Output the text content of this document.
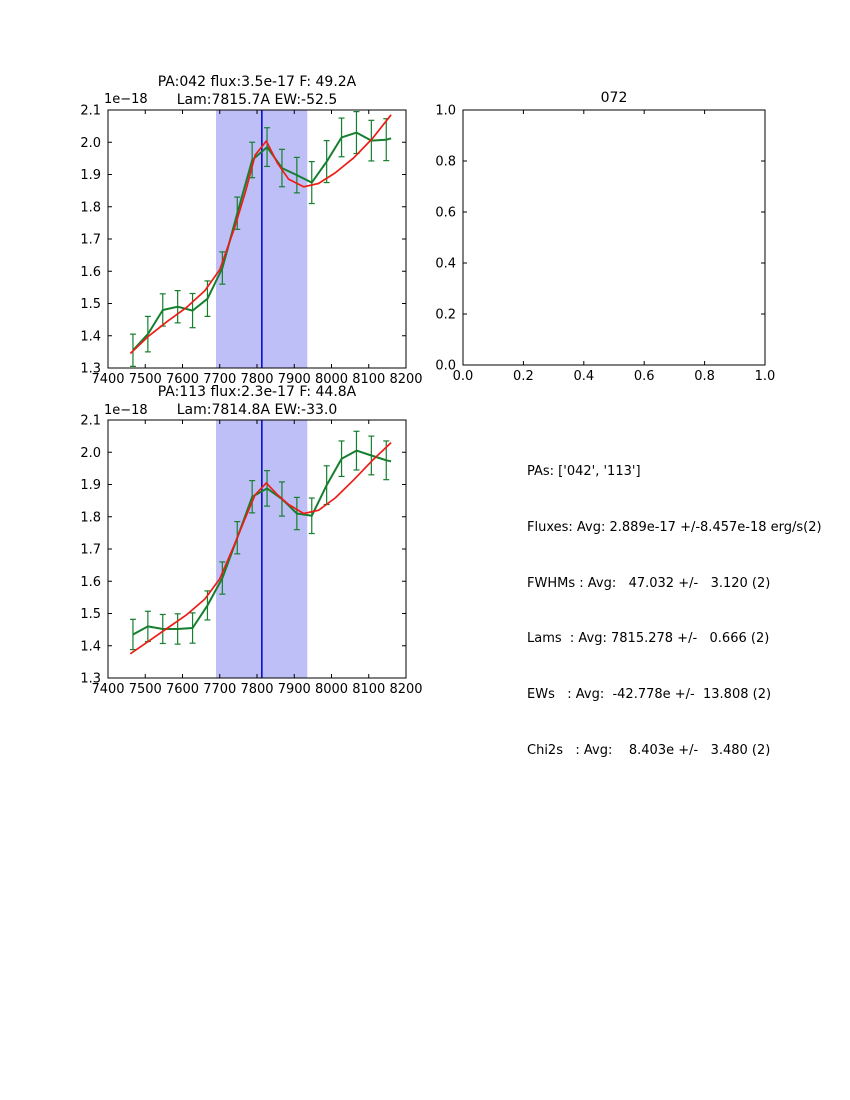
7400 7500 7600 7700 7800 7900 8000 8100 8200
1.3
1.4
1.5
1.6
1.7
1.8
1.9
2.0
2.1
7400 7500 7600 7700 7800 7900 8000 8100 8200
1.3
1.4
1.5
1.6
1.7
1.8
1.9
2.0
2.1
0.0	0.2	0.4	0.6	0.8	1.0
0.0
0.2
0.4
0.6
0.8
1.0
PA:042 flux:3.5e-17 F: 49.2A
Lam:7815.7A EW:-52.5
1e−18
PA:113 flux:2.3e-17 F: 44.8A
Lam:7814.8A EW:-33.0
1e−18
072

PAs: ['042', '113']

Fluxes: Avg: 2.889e-17 +/-8.457e-18 erg/s(2)

FWHMs : Avg:   47.032 +/-   3.120 (2)

Lams  : Avg: 7815.278 +/-   0.666 (2)

EWs   : Avg:  -42.778e +/-  13.808 (2)

Chi2s   : Avg:    8.403e +/-   3.480 (2)
